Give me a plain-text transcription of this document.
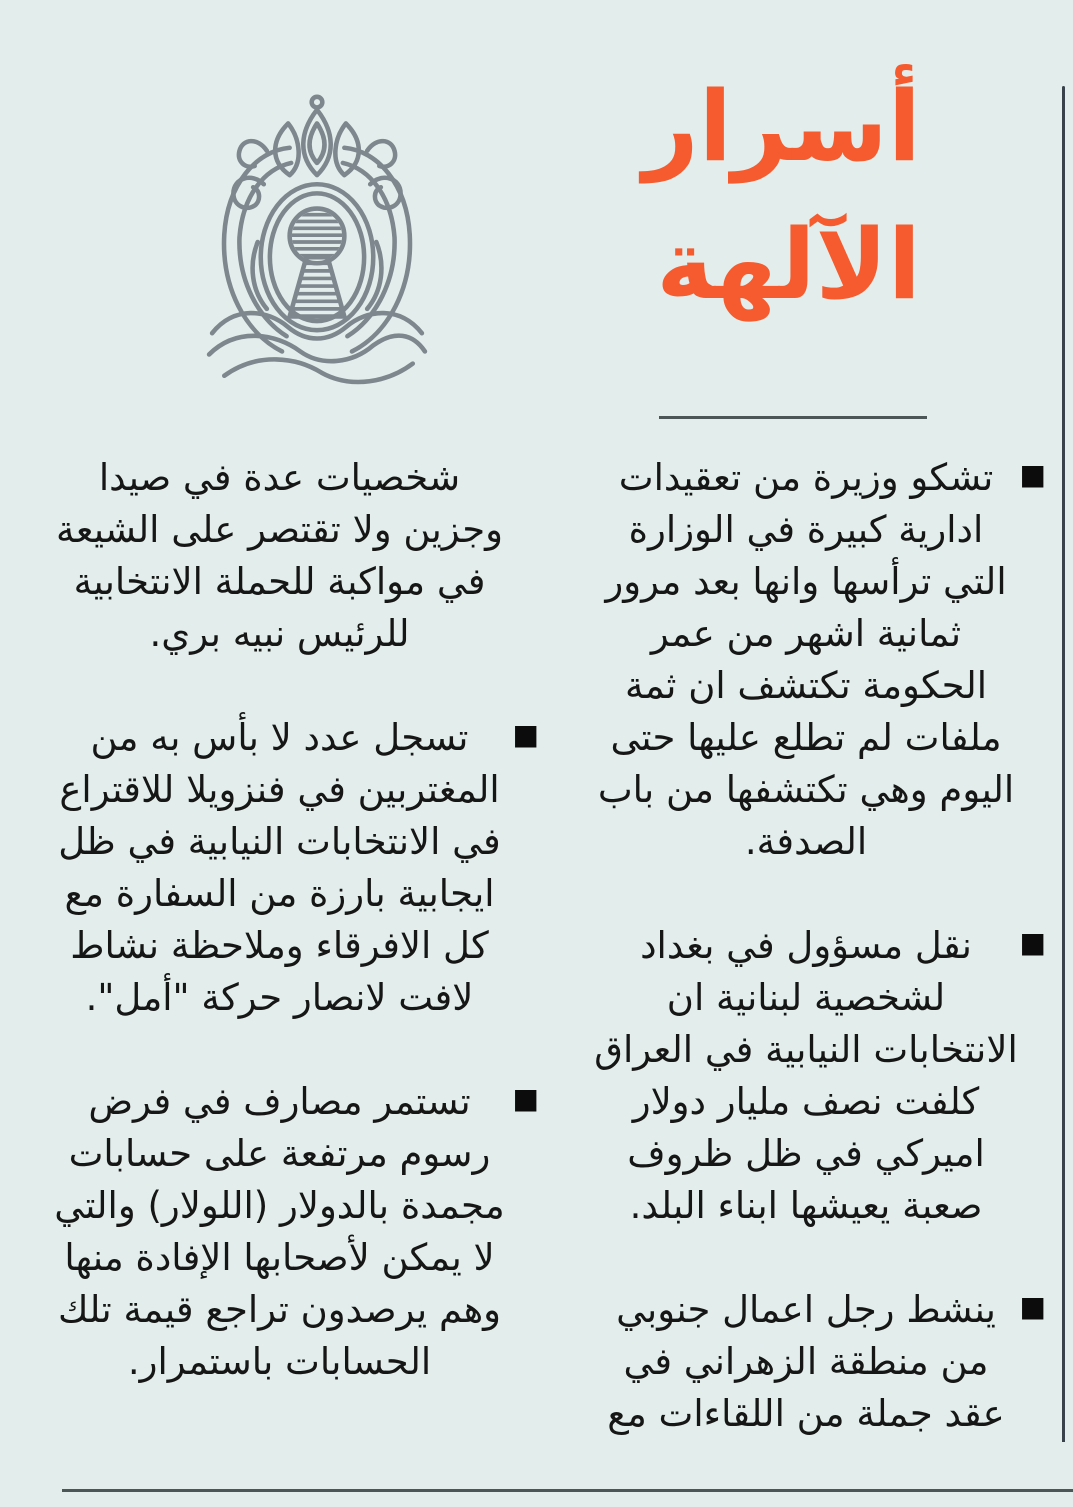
أسرار
الآلهة
■
تشكو وزيرة من تعقيدات ادارية كبيرة في الوزارة التي ترأسها وانها بعد مرور ثمانية اشهر من عمر الحكومة تكتشف ان ثمة ملفات لم تطلع عليها حتى اليوم وهي تكتشفها من باب الصدفة.
■
نقل مسؤول في بغداد لشخصية لبنانية ان الانتخابات النيابية في العراق كلفت نصف مليار دولار اميركي في ظل ظروف صعبة يعيشها ابناء البلد.
■
ينشط رجل اعمال جنوبي من منطقة الزهراني في عقد جملة من اللقاءات مع
شخصيات عدة في صيدا وجزين ولا تقتصر على الشيعة في مواكبة للحملة الانتخابية للرئيس نبيه بري.
■
تسجل عدد لا بأس به من المغتربين في فنزويلا للاقتراع في الانتخابات النيابية في ظل ايجابية بارزة من السفارة مع كل الافرقاء وملاحظة نشاط لافت لانصار حركة "أمل".
■
تستمر مصارف في فرض رسوم مرتفعة على حسابات مجمدة بالدولار (اللولار) والتي لا يمكن لأصحابها الإفادة منها وهم يرصدون تراجع قيمة تلك الحسابات باستمرار.
